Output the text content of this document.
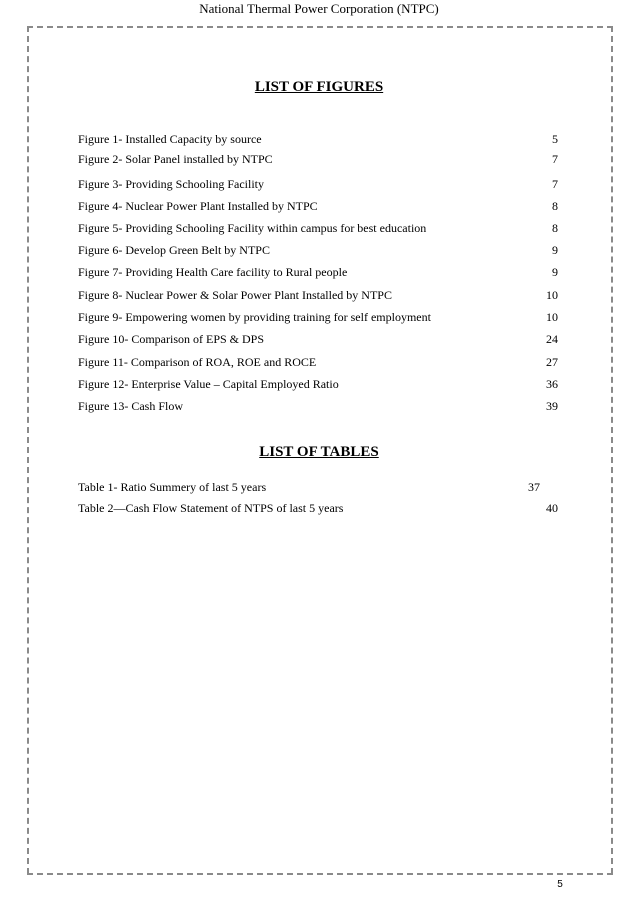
National Thermal Power Corporation (NTPC)
LIST OF FIGURES
Figure 1- Installed Capacity by source	5
Figure 2- Solar Panel installed by NTPC	7
Figure 3- Providing Schooling Facility	7
Figure 4- Nuclear Power Plant Installed by NTPC	8
Figure 5- Providing Schooling Facility within campus for best education	8
Figure 6- Develop Green Belt by NTPC	9
Figure 7- Providing Health Care facility to Rural people	9
Figure 8- Nuclear Power & Solar Power Plant Installed by NTPC	10
Figure 9- Empowering women by providing training for self employment	10
Figure 10- Comparison of EPS & DPS	24
Figure 11- Comparison of ROA, ROE and ROCE	27
Figure 12- Enterprise Value – Capital Employed Ratio	36
Figure 13- Cash Flow	39
LIST OF TABLES
Table 1- Ratio Summery of last 5 years	37
Table 2—Cash Flow Statement of NTPS of last 5 years	40
5
